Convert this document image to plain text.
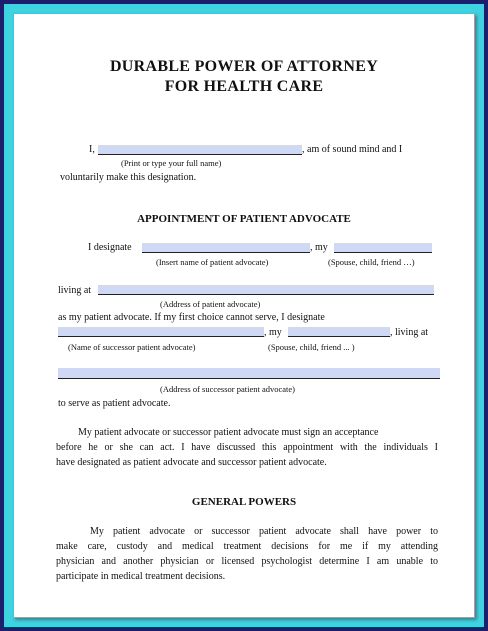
DURABLE POWER OF ATTORNEY
FOR HEALTH CARE
I,	, am of sound mind and I
(Print or type your full name)
voluntarily make this designation.
APPOINTMENT OF PATIENT ADVOCATE
I designate	, my
(Insert name of patient advocate)	(Spouse, child, friend …)
living at
(Address of patient advocate)
as my patient advocate. If my first choice cannot serve, I designate
, my	, living at
(Name of successor patient advocate)	(Spouse, child, friend ... )
(Address of successor patient advocate)
to serve as patient advocate.
My patient advocate or successor patient advocate must sign an acceptance
before he or she can act. I have discussed this appointment with the individuals I
have designated as patient advocate and successor patient advocate.
GENERAL POWERS
My patient advocate or successor patient advocate shall have power to
make care, custody and medical treatment decisions for me if my attending
physician and another physician or licensed psychologist determine I am unable to
participate in medical treatment decisions.
